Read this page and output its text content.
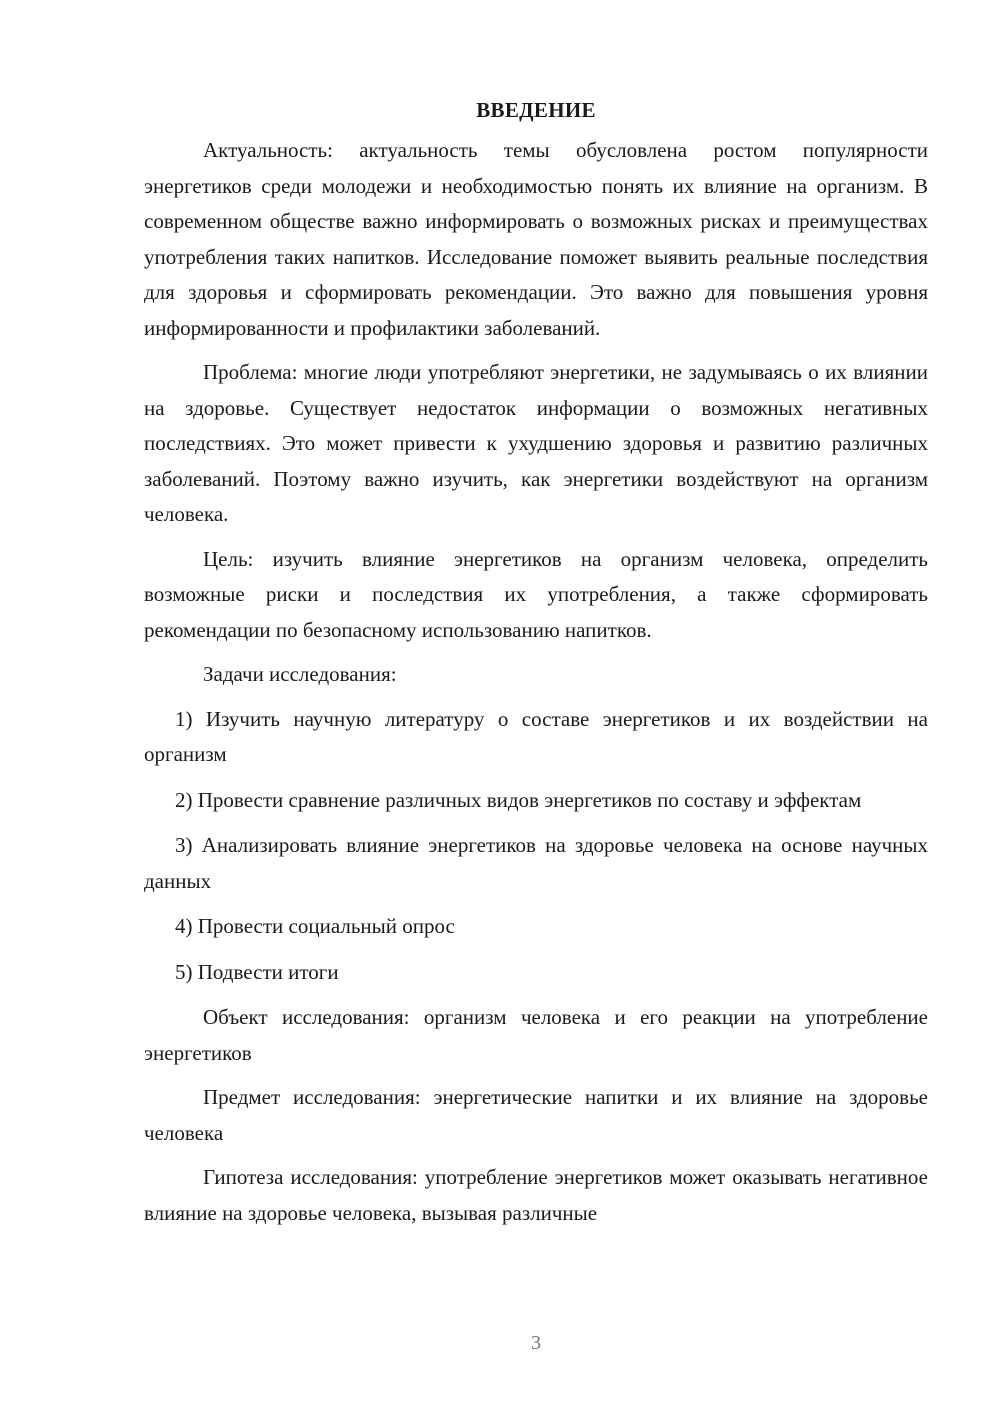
ВВЕДЕНИЕ

Актуальность: актуальность темы обусловлена ростом популярности энергетиков среди молодежи и необходимостью понять их влияние на организм. В современном обществе важно информировать о возможных рисках и преимуществах употребления таких напитков. Исследование поможет выявить реальные последствия для здоровья и сформировать рекомендации. Это важно для повышения уровня информированности и профилактики заболеваний.

Проблема: многие люди употребляют энергетики, не задумываясь о их влиянии на здоровье. Существует недостаток информации о возможных негативных последствиях. Это может привести к ухудшению здоровья и развитию различных заболеваний. Поэтому важно изучить, как энергетики воздействуют на организм человека.

Цель: изучить влияние энергетиков на организм человека, определить возможные риски и последствия их употребления, а также сформировать рекомендации по безопасному использованию напитков.

Задачи исследования:

1) Изучить научную литературу о составе энергетиков и их воздействии на организм

2) Провести сравнение различных видов энергетиков по составу и эффектам

3) Анализировать влияние энергетиков на здоровье человека на основе научных данных

4) Провести социальный опрос

5) Подвести итоги

Объект исследования: организм человека и его реакции на употребление энергетиков

Предмет исследования: энергетические напитки и их влияние на здоровье человека

Гипотеза исследования: употребление энергетиков может оказывать негативное влияние на здоровье человека, вызывая различные

3
